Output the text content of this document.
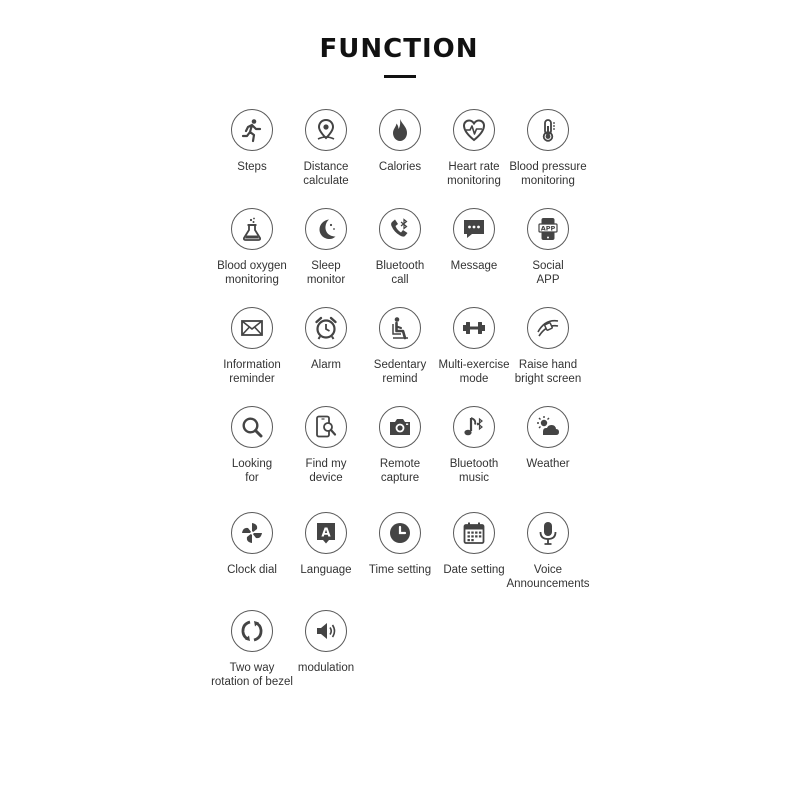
FUNCTION
Steps	Distance
calculate
Calories	Heart rate
monitoring
Blood pressure
monitoring
Blood oxygen
monitoring
Sleep
monitor
Bluetooth
call
Message
APP
Social
APP
Information
reminder
Alarm	Sedentary
remind
Multi-exercise
mode
Raise hand
bright screen
Looking
for
Find my
device
Remote
capture
Bluetooth
music
Weather
Clock dial
A
Language	Time setting	Date setting	Voice
Announcements
Two way
rotation of bezel
modulation
